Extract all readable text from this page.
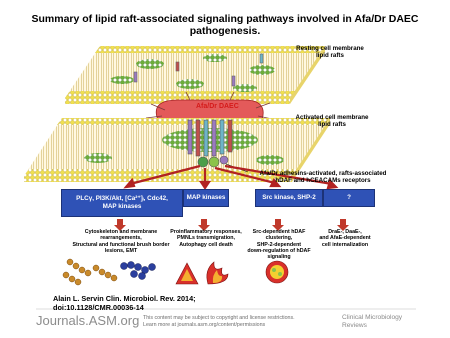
Summary of lipid raft-associated signaling pathways involved in Afa/Dr DAEC pathogenesis.
Resting cell membrane
lipid rafts
Activated cell membrane
lipid rafts
Afa/Dr DAEC
Afa/Dr adhesins-activated, rafts-associated
hDAF and hCEACAMs receptors
PLCγ, PI3K/Akt, [Ca²⁺]ᵢ, Cdc42,
MAP kinases
MAP kinases	Src kinase, SHP-2	?
Cytoskeleton and membrane
rearrangements,
Structural and functional brush border
lesions, EMT
Proinflammatory responses,
PMNLs transmigration,
Autophagy cell death
Src-dependent hDAF
clustering,
SHP-2-dependent
down-regulation of hDAF
signaling
DraE-, DaaE-,
and AfaE-dependent
cell internalization
Alain L. Servin Clin. Microbiol. Rev. 2014;
doi:10.1128/CMR.00036-14
Journals.ASM.org This content may be subject to copyright and license restrictions.
Learn more at journals.asm.org/content/permissions
Clinical Microbiology
Reviews
